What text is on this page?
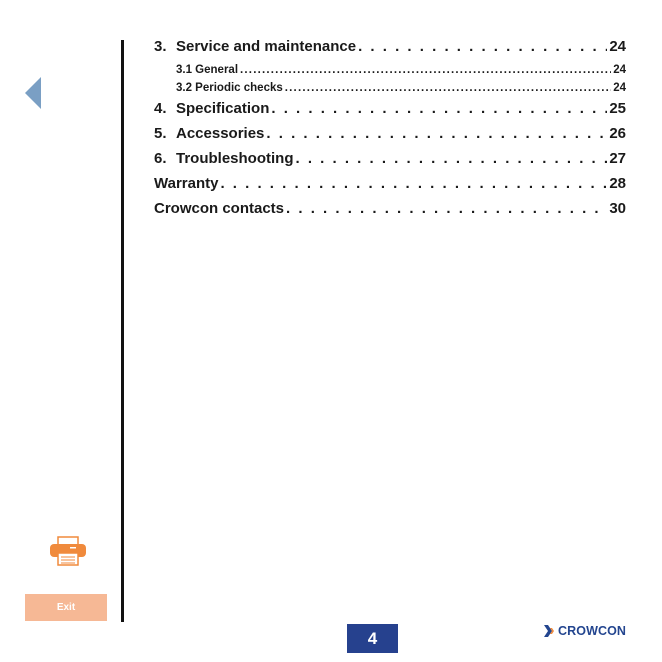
Exit
3. Service and maintenance . . .	24
3.1 General .....	24
3.2 Periodic checks .....	24
4. Specification . . .	25
5. Accessories . . .	26
6. Troubleshooting . . .	27
Warranty . . .	28
Crowcon contacts . . .	30
4	CROWCON
